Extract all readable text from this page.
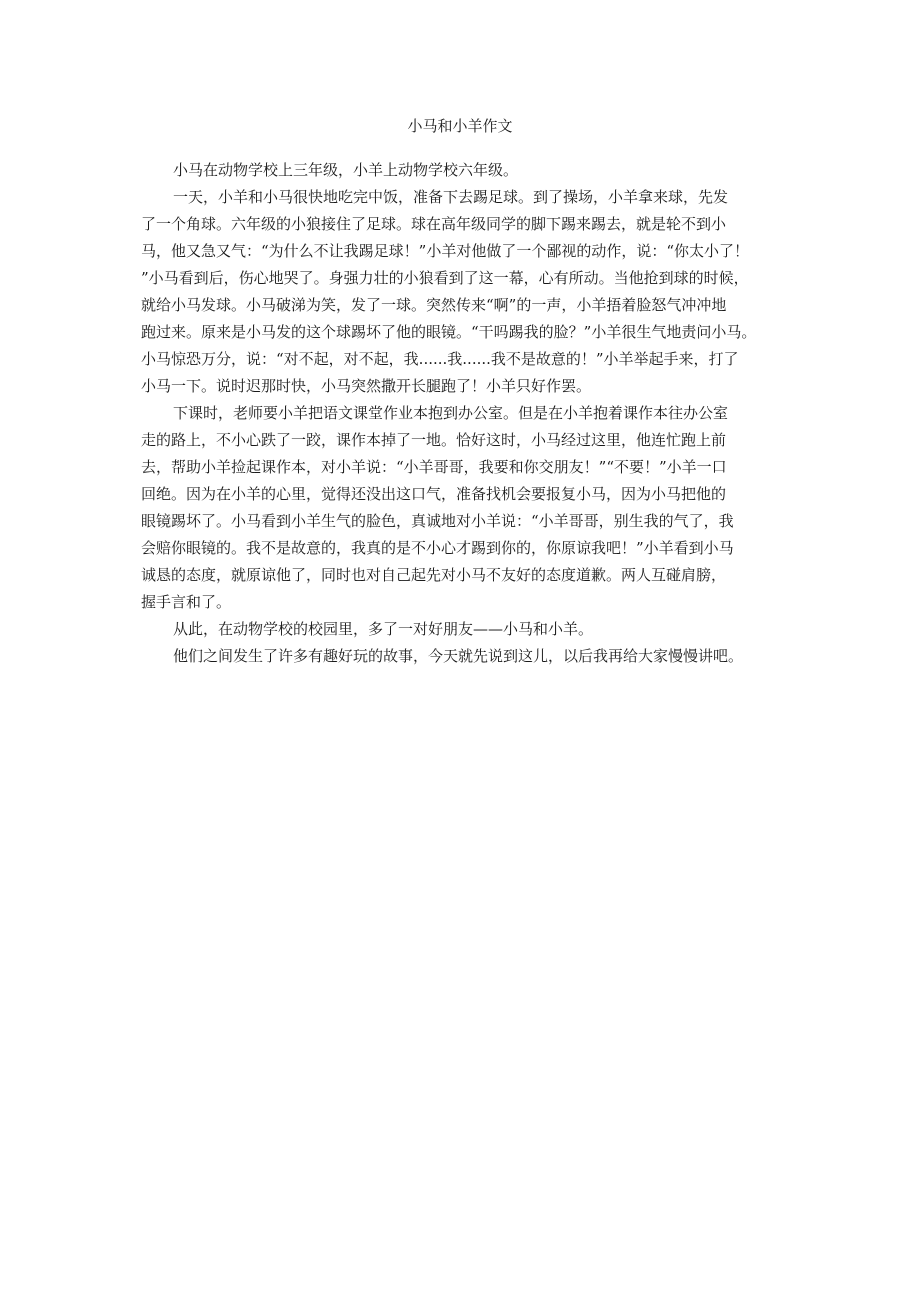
小马和小羊作文
小马在动物学校上三年级，小羊上动物学校六年级。
一天，小羊和小马很快地吃完中饭，准备下去踢足球。到了操场，小羊拿来球，先发
了一个角球。六年级的小狼接住了足球。球在高年级同学的脚下踢来踢去，就是轮不到小
马，他又急又气：“为什么不让我踢足球！”小羊对他做了一个鄙视的动作，说：“你太小了！
”小马看到后，伤心地哭了。身强力壮的小狼看到了这一幕，心有所动。当他抢到球的时候，
就给小马发球。小马破涕为笑，发了一球。突然传来“啊”的一声，小羊捂着脸怒气冲冲地
跑过来。原来是小马发的这个球踢坏了他的眼镜。“干吗踢我的脸？”小羊很生气地责问小马。
小马惊恐万分，说：“对不起，对不起，我......我......我不是故意的！”小羊举起手来，打了
小马一下。说时迟那时快，小马突然撒开长腿跑了！小羊只好作罢。
下课时，老师要小羊把语文课堂作业本抱到办公室。但是在小羊抱着课作本往办公室
走的路上，不小心跌了一跤，课作本掉了一地。恰好这时，小马经过这里，他连忙跑上前
去，帮助小羊捡起课作本，对小羊说：“小羊哥哥，我要和你交朋友！”“不要！”小羊一口
回绝。因为在小羊的心里，觉得还没出这口气，准备找机会要报复小马，因为小马把他的
眼镜踢坏了。小马看到小羊生气的脸色，真诚地对小羊说：“小羊哥哥，别生我的气了，我
会赔你眼镜的。我不是故意的，我真的是不小心才踢到你的，你原谅我吧！”小羊看到小马
诚恳的态度，就原谅他了，同时也对自己起先对小马不友好的态度道歉。两人互碰肩膀，
握手言和了。
从此，在动物学校的校园里，多了一对好朋友——小马和小羊。
他们之间发生了许多有趣好玩的故事，今天就先说到这儿，以后我再给大家慢慢讲吧。
